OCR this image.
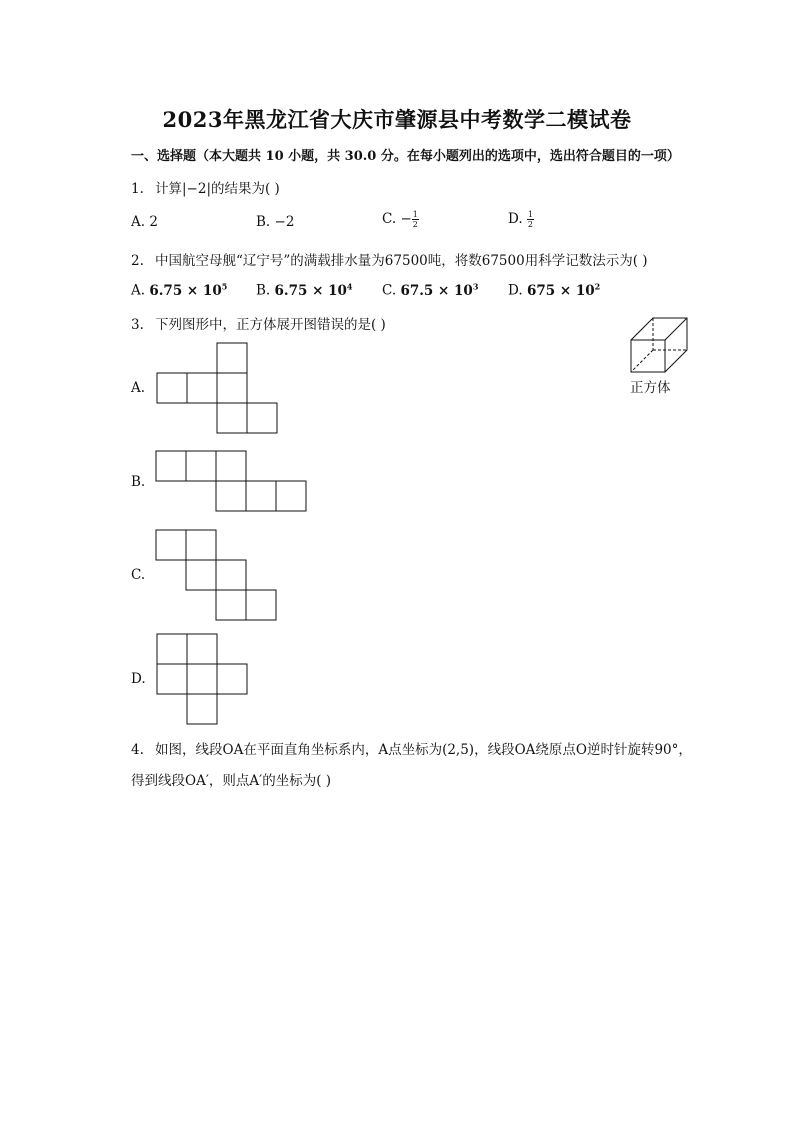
2023年黑龙江省大庆市肇源县中考数学二模试卷
一、选择题（本大题共 10 小题，共 30.0 分。在每小题列出的选项中，选出符合题目的一项）
1. 计算|−2|的结果为( )
A. 2	B. −2	C. − $\frac{1}{2}$	D. $\frac{1}{2}$
2. 中国航空母舰“辽宁号”的满载排水量为67500吨，将数67500用科学记数法示为( )
A. $6.75 \times 10^5$ B. $6.75 \times 10^4$ C. $67.5 \times 10^3$ D. $675 \times 10^2$
3. 下列图形中，正方体展开图错误的是( )
正方体
A.
B.
C.
D.
4. 如图，线段OA在平面直角坐标系内，A点坐标为(2,5)，线段OA绕原点O逆时针旋转90°，
得到线段OA′，则点A′的坐标为( )
